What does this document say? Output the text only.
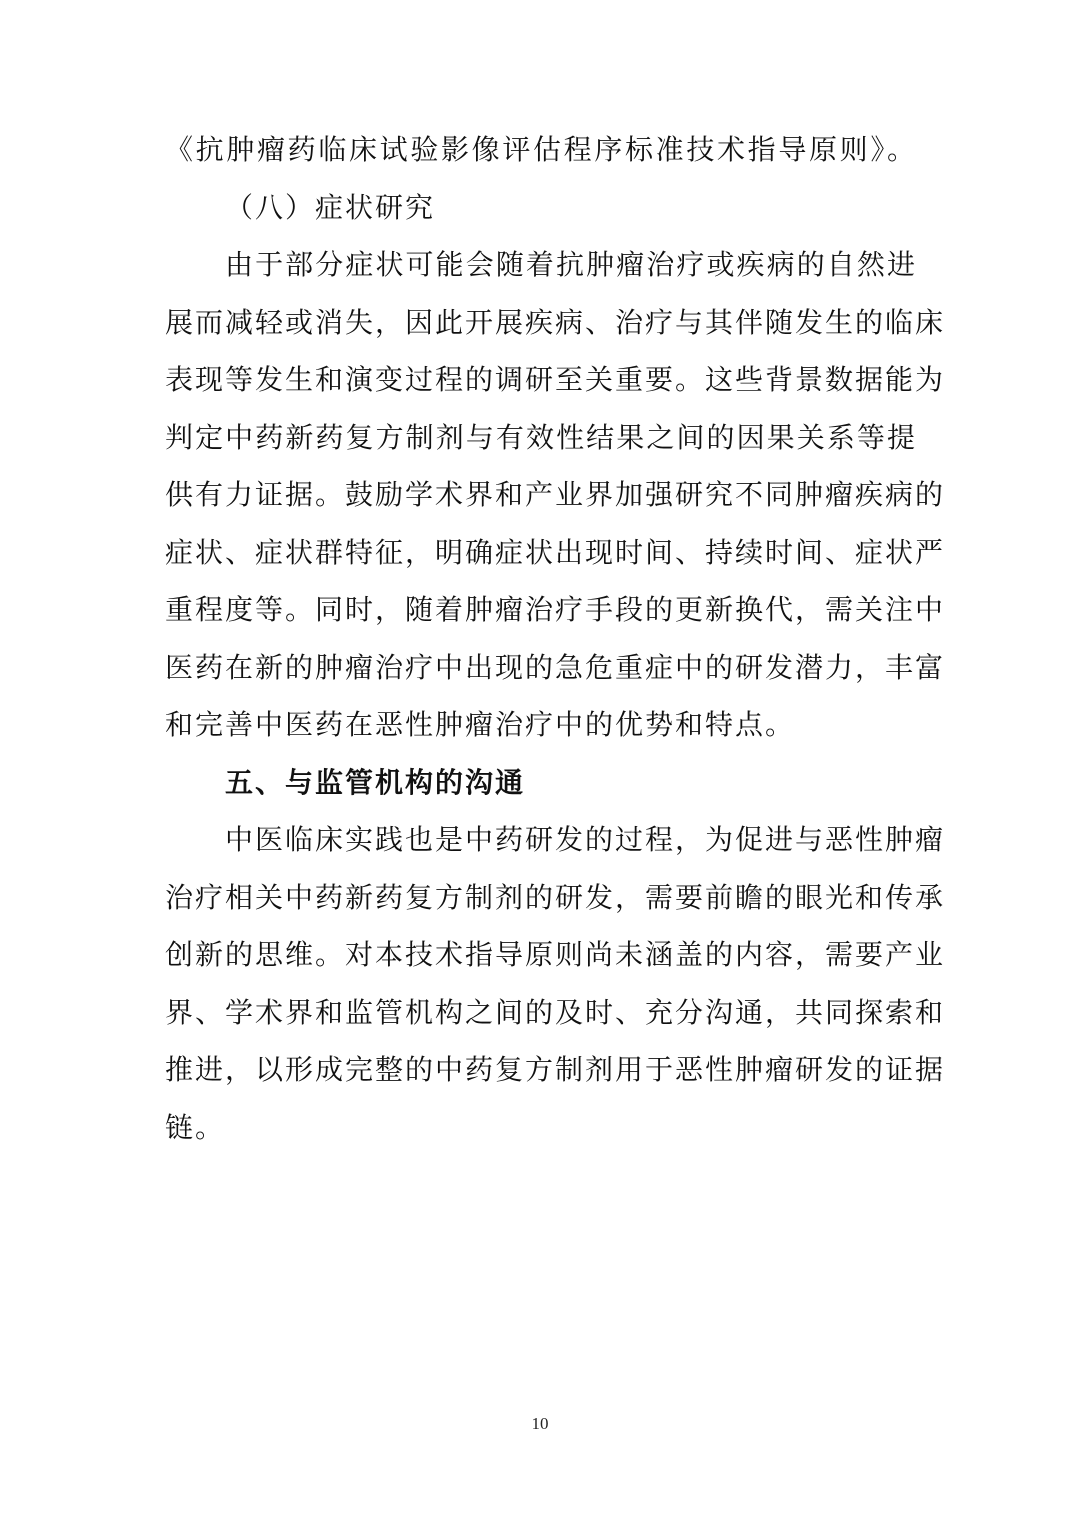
《抗肿瘤药临床试验影像评估程序标准技术指导原则》。
（八）症状研究
由于部分症状可能会随着抗肿瘤治疗或疾病的自然进
展而减轻或消失，因此开展疾病、治疗与其伴随发生的临床
表现等发生和演变过程的调研至关重要。这些背景数据能为
判定中药新药复方制剂与有效性结果之间的因果关系等提
供有力证据。鼓励学术界和产业界加强研究不同肿瘤疾病的
症状、症状群特征，明确症状出现时间、持续时间、症状严
重程度等。同时，随着肿瘤治疗手段的更新换代，需关注中
医药在新的肿瘤治疗中出现的急危重症中的研发潜力，丰富
和完善中医药在恶性肿瘤治疗中的优势和特点。
五、与监管机构的沟通
中医临床实践也是中药研发的过程，为促进与恶性肿瘤
治疗相关中药新药复方制剂的研发，需要前瞻的眼光和传承
创新的思维。对本技术指导原则尚未涵盖的内容，需要产业
界、学术界和监管机构之间的及时、充分沟通，共同探索和
推进，以形成完整的中药复方制剂用于恶性肿瘤研发的证据
链。
10
